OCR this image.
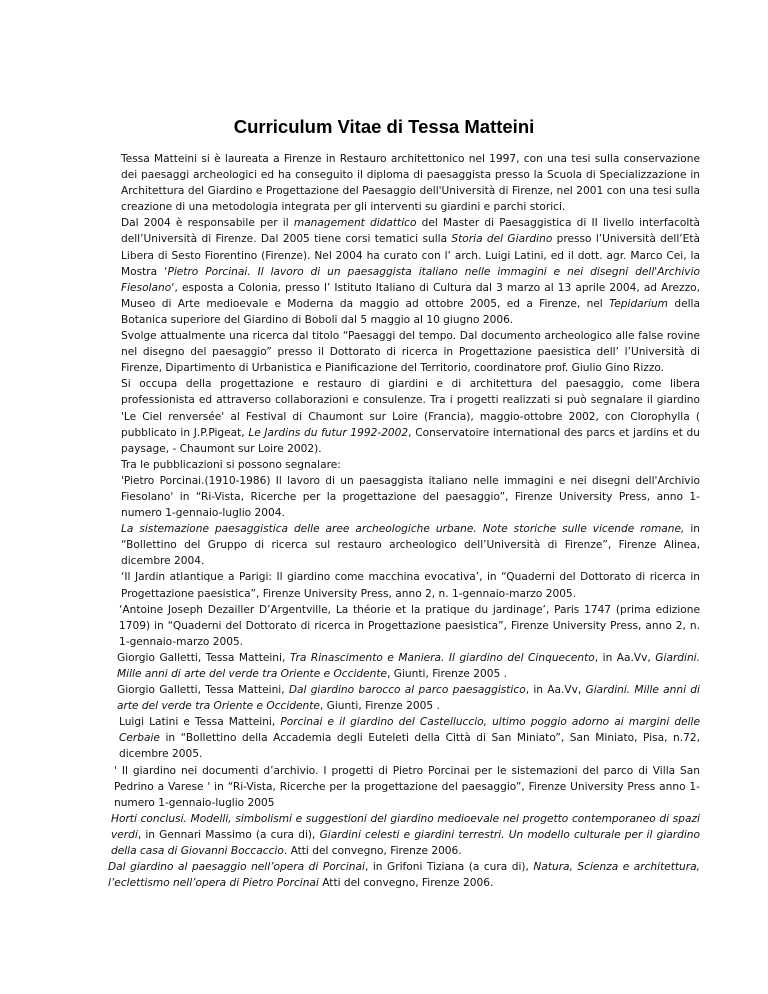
Curriculum Vitae di Tessa Matteini

Tessa Matteini si è laureata a Firenze in Restauro architettonico nel 1997, con una tesi sulla conservazione dei paesaggi archeologici ed ha conseguito il diploma di paesaggista presso la Scuola di Specializzazione in Architettura del Giardino e Progettazione del Paesaggio dell'Università di Firenze, nel 2001 con una tesi sulla creazione di una metodologia integrata per gli interventi su giardini e parchi storici.

Dal 2004 è responsabile per il management didattico del Master di Paesaggistica di II livello interfacoltà dell’Università di Firenze. Dal 2005 tiene corsi tematici sulla Storia del Giardino presso l’Università dell’Età Libera di Sesto Fiorentino (Firenze). Nel 2004 ha curato con l’ arch. Luigi Latini, ed il dott. agr. Marco Cei, la Mostra ‘Pietro Porcinai. Il lavoro di un paesaggista italiano nelle immagini e nei disegni dell'Archivio Fiesolano‘, esposta a Colonia, presso l’ Istituto Italiano di Cultura dal 3 marzo al 13 aprile 2004, ad Arezzo, Museo di Arte medioevale e Moderna da maggio ad ottobre 2005, ed a Firenze, nel Tepidarium della Botanica superiore del Giardino di Boboli dal 5 maggio al 10 giugno 2006.

Svolge attualmente una ricerca dal titolo “Paesaggi del tempo. Dal documento archeologico alle false rovine nel disegno del paesaggio” presso il Dottorato di ricerca in Progettazione paesistica dell’ l’Università di Firenze, Dipartimento di Urbanistica e Pianificazione del Territorio, coordinatore prof. Giulio Gino Rizzo.

Si occupa della progettazione e restauro di giardini e di architettura del paesaggio, come libera professionista ed attraverso collaborazioni e consulenze. Tra i progetti realizzati si può segnalare il giardino 'Le Ciel renversée' al Festival di Chaumont sur Loire (Francia), maggio-ottobre 2002, con Clorophylla ( pubblicato in J.P.Pigeat, Le Jardins du futur 1992-2002, Conservatoire international des parcs et jardins et du paysage, - Chaumont sur Loire 2002).

Tra le pubblicazioni si possono segnalare:

'Pietro Porcinai.(1910-1986) Il lavoro di un paesaggista italiano nelle immagini e nei disegni dell'Archivio Fiesolano' in “Ri-Vista, Ricerche per la progettazione del paesaggio”, Firenze University Press, anno 1- numero 1-gennaio-luglio 2004.

La sistemazione paesaggistica delle aree archeologiche urbane. Note storiche sulle vicende romane, in “Bollettino del Gruppo di ricerca sul restauro archeologico dell’Università di Firenze”, Firenze Alinea, dicembre 2004.

‘Il Jardin atlantique a Parigi: Il giardino come macchina evocativa’, in “Quaderni del Dottorato di ricerca in Progettazione paesistica”, Firenze University Press, anno 2, n. 1-gennaio-marzo 2005.

‘Antoine Joseph Dezailler D’Argentville, La théorie et la pratique du jardinage’, Paris 1747 (prima edizione 1709) in “Quaderni del Dottorato di ricerca in Progettazione paesistica”, Firenze University Press, anno 2, n. 1-gennaio-marzo 2005.

Giorgio Galletti, Tessa Matteini, Tra Rinascimento e Maniera. Il giardino del Cinquecento, in Aa.Vv, Giardini. Mille anni di arte del verde tra Oriente e Occidente, Giunti, Firenze 2005 .

Giorgio Galletti, Tessa Matteini, Dal giardino barocco al parco paesaggistico, in Aa.Vv, Giardini. Mille anni di arte del verde tra Oriente e Occidente, Giunti, Firenze 2005 .

Luigi Latini e Tessa Matteini, Porcinai e il giardino del Castelluccio, ultimo poggio adorno ai margini delle Cerbaie in “Bollettino della Accademia degli Euteleti della Città di San Miniato”, San Miniato, Pisa, n.72, dicembre 2005.

' Il giardino nei documenti d’archivio. I progetti di Pietro Porcinai per le sistemazioni del parco di Villa San Pedrino a Varese ' in “Ri-Vista, Ricerche per la progettazione del paesaggio”, Firenze University Press anno 1- numero 1-gennaio-luglio 2005

Horti conclusi. Modelli, simbolismi e suggestioni del giardino medioevale nel progetto contemporaneo di spazi verdi, in Gennari Massimo (a cura di), Giardini celesti e giardini terrestri. Un modello culturale per il giardino della casa di Giovanni Boccaccio. Atti del convegno, Firenze 2006.

Dal giardino al paesaggio nell’opera di Porcinai, in Grifoni Tiziana (a cura di), Natura, Scienza e architettura, l’eclettismo nell’opera di Pietro Porcinai Atti del convegno, Firenze 2006.
